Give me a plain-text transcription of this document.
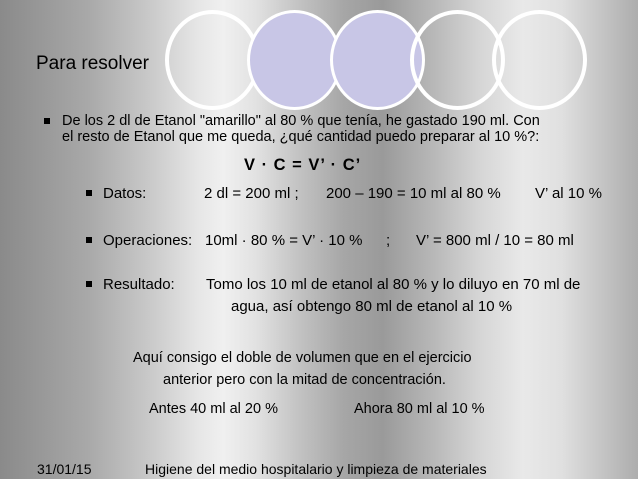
Para resolver
De los 2 dl de Etanol "amarillo" al 80 % que tenía, he gastado 190 ml. Con
el resto de Etanol que me queda, ¿qué cantidad puedo preparar al 10 %?:
V · C = V’ · C’
Datos:	2 dl = 200 ml ; 200 – 190 = 10 ml al 80 % V’ al 10 %
Operaciones: 10ml · 80 % = V’ · 10 % ; V’ = 800 ml / 10 = 80 ml
Resultado: Tomo los 10 ml de etanol al 80 % y lo diluyo en 70 ml de
agua, así obtengo 80 ml de etanol al 10 %
Aquí consigo el doble de volumen que en el ejercicio
anterior pero con la mitad de concentración.
Antes 40 ml al 20 %	Ahora 80 ml al 10 %
31/01/15	Higiene del medio hospitalario y limpieza de materiales
